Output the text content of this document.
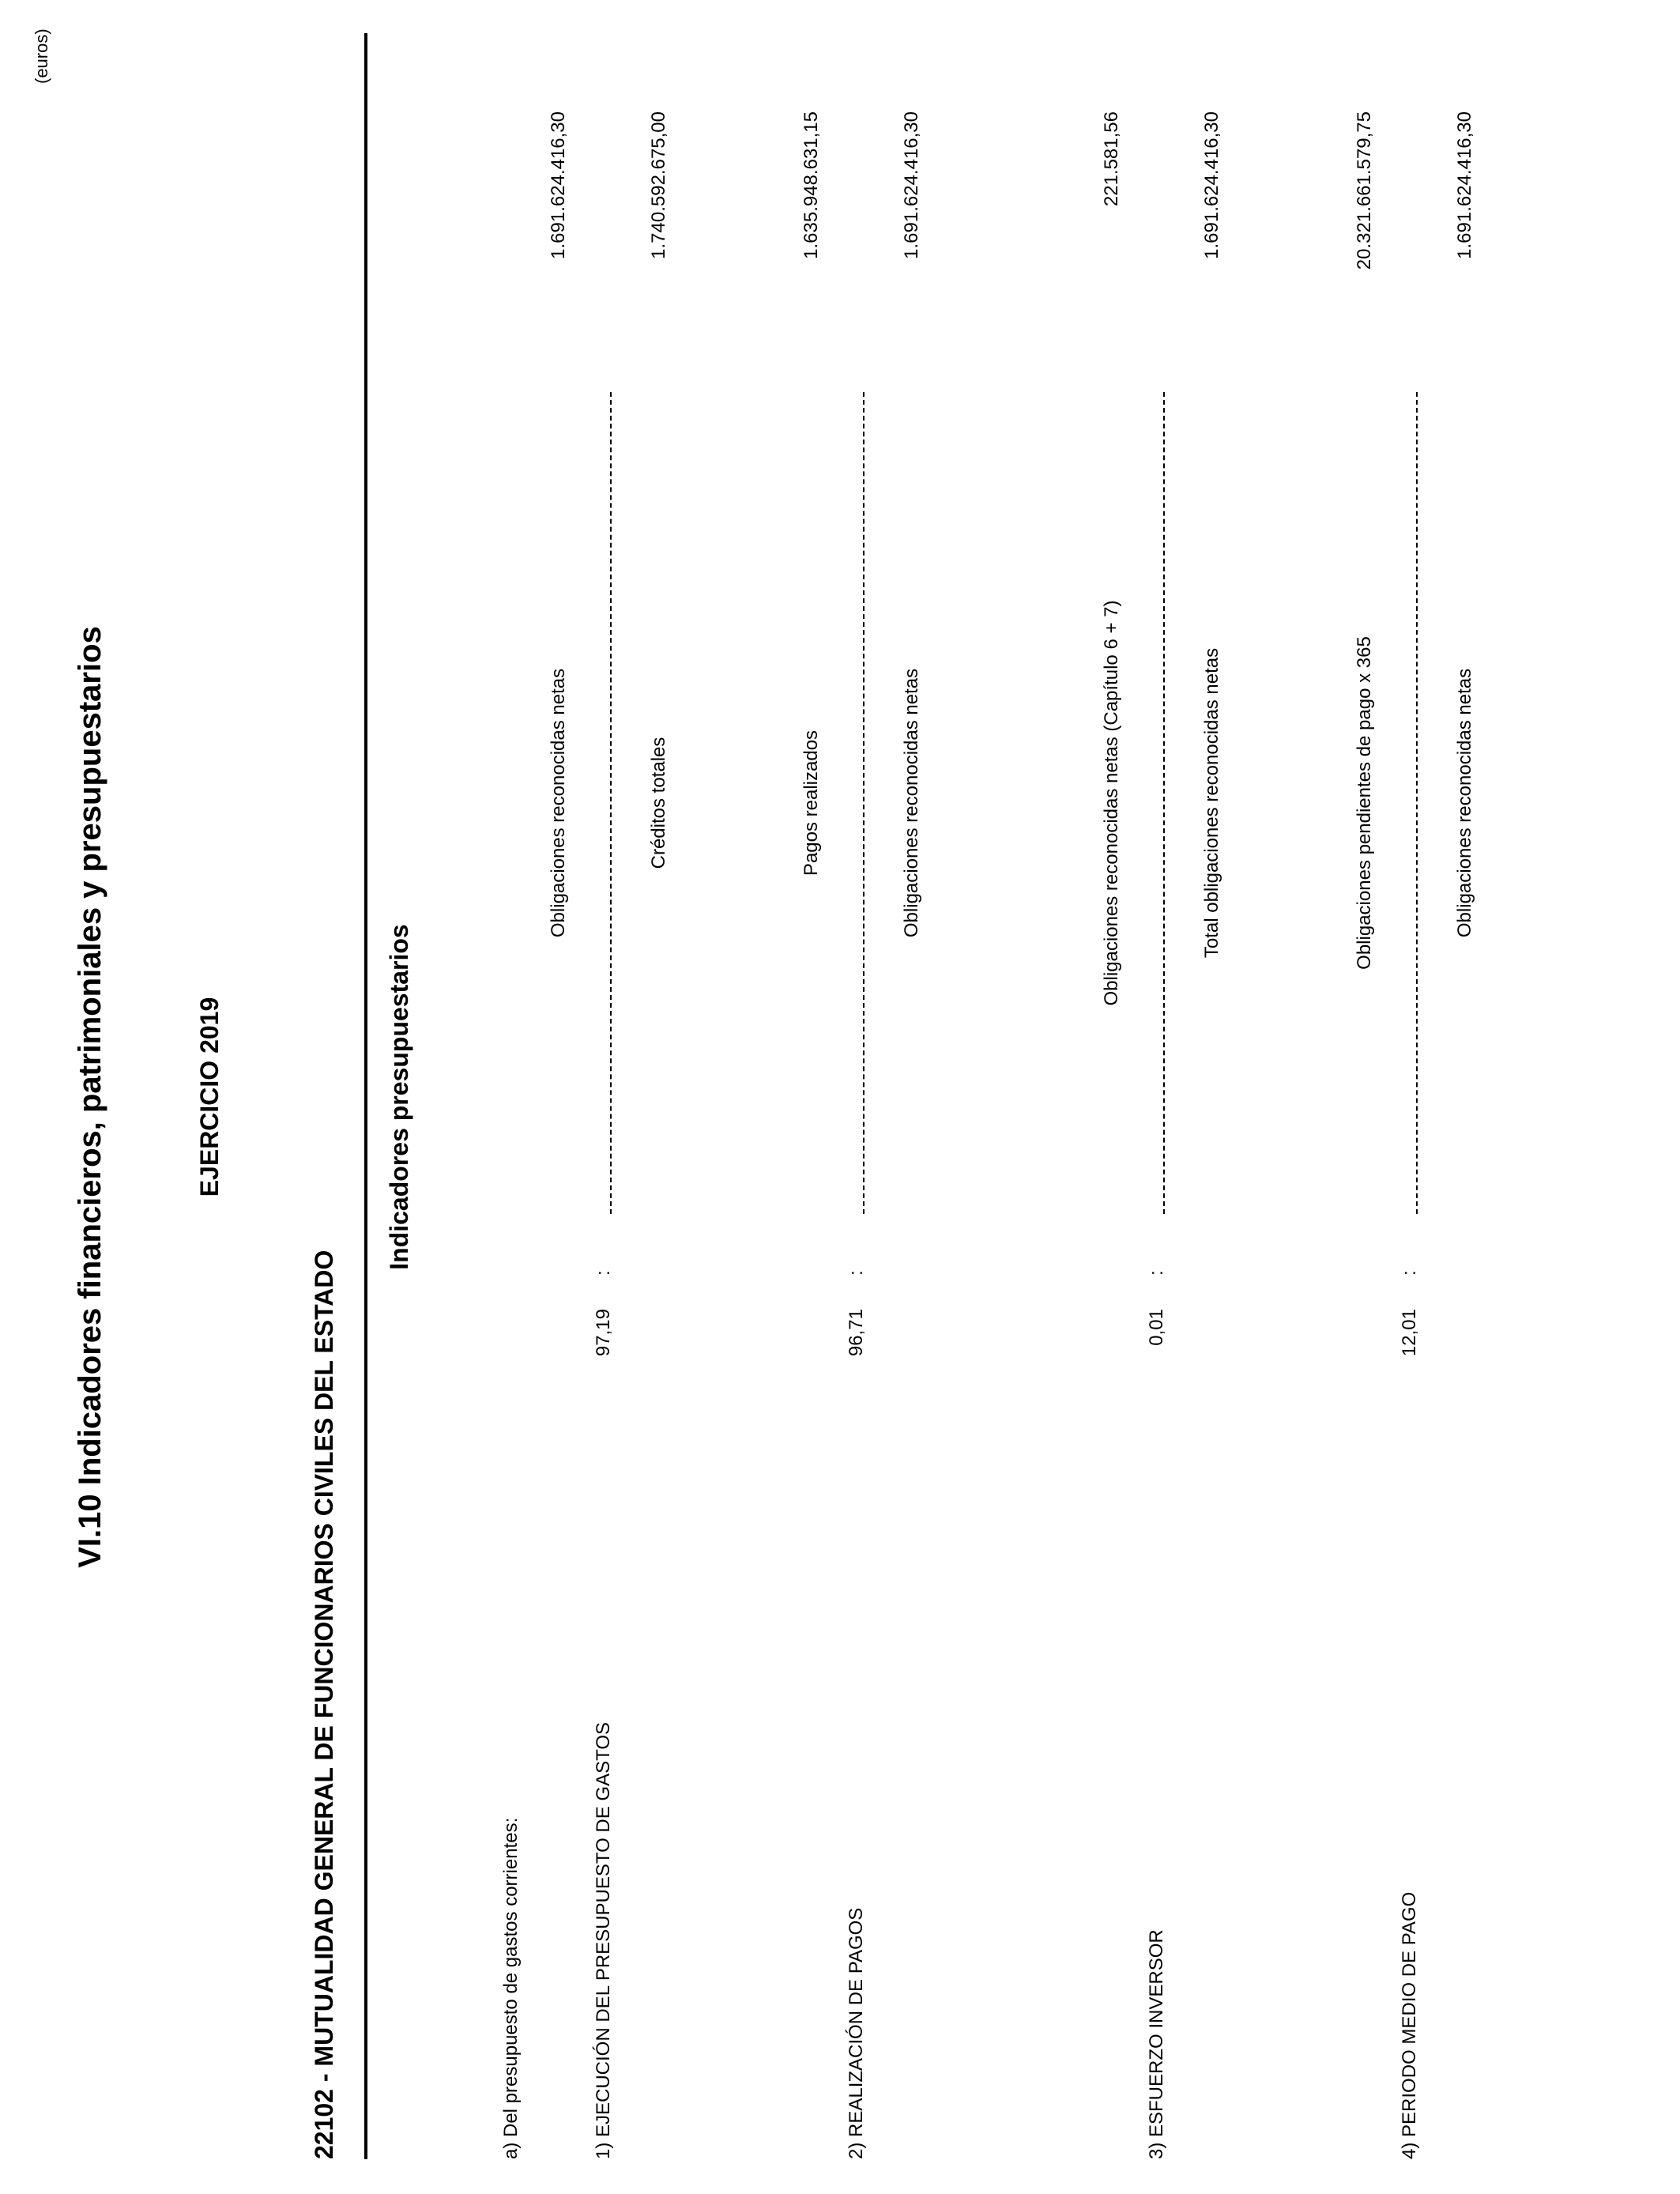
VI.10 Indicadores financieros, patrimoniales y presupuestarios	EJERCICIO 2019
22102 - MUTUALIDAD GENERAL DE FUNCIONARIOS CIVILES DEL ESTADO
(euros)
Indicadores presupuestarios
a) Del presupuesto de gastos corrientes:	1) EJECUCIÓN DEL PRESUPUESTO DE GASTOS
97,19
:
Obligaciones reconocidas netas	Créditos totales
1.691.624.416,30	1.740.592.675,00
2) REALIZACIÓN DE PAGOS
96,71
:
Pagos realizados	Obligaciones reconocidas netas
1.635.948.631,15	1.691.624.416,30
3) ESFUERZO INVERSOR
0,01
:
Obligaciones reconocidas netas (Capítulo 6 + 7)	Total obligaciones reconocidas netas
221.581,56	1.691.624.416,30
4) PERIODO MEDIO DE PAGO
12,01
:
Obligaciones pendientes de pago x 365	Obligaciones reconocidas netas
20.321.661.579,75	1.691.624.416,30
